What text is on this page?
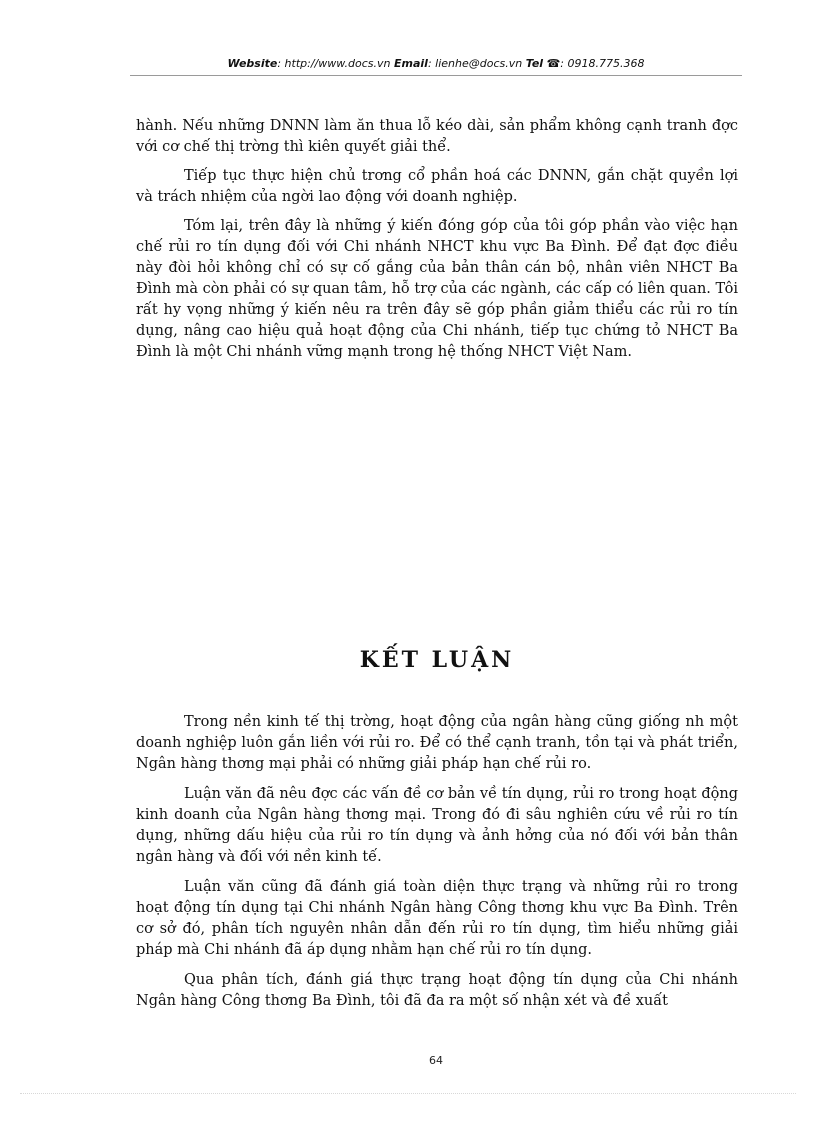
Website: http://www.docs.vn Email: lienhe@docs.vn Tel ☎: 0918.775.368

hành. Nếu những DNNN làm ăn thua lỗ kéo dài, sản phẩm không cạnh tranh đợc với cơ chế thị trờng thì kiên quyết giải thể.

Tiếp tục thực hiện chủ trơng cổ phần hoá các DNNN, gắn chặt quyền lợi và trách nhiệm của ngời lao động với doanh nghiệp.

Tóm lại, trên đây là những ý kiến đóng góp của tôi góp phần vào việc hạn chế rủi ro tín dụng đối với Chi nhánh NHCT khu vực Ba Đình. Để đạt đợc điều này đòi hỏi không chỉ có sự cố gắng của bản thân cán bộ, nhân viên NHCT Ba Đình mà còn phải có sự quan tâm, hỗ trợ của các ngành, các cấp có liên quan. Tôi rất hy vọng những ý kiến nêu ra trên đây sẽ góp phần giảm thiểu các rủi ro tín dụng, nâng cao hiệu quả hoạt động của Chi nhánh, tiếp tục chứng tỏ NHCT Ba Đình là một Chi nhánh vững mạnh trong hệ thống NHCT Việt Nam.

KẾT LUẬN

Trong nền kinh tế thị trờng, hoạt động của ngân hàng cũng giống nh một doanh nghiệp luôn gắn liền với rủi ro. Để có thể cạnh tranh, tồn tại và phát triển, Ngân hàng thơng mại phải có những giải pháp hạn chế rủi ro.

Luận văn đã nêu đợc các vấn đề cơ bản về tín dụng, rủi ro trong hoạt động kinh doanh của Ngân hàng thơng mại. Trong đó đi sâu nghiên cứu về rủi ro tín dụng, những dấu hiệu của rủi ro tín dụng và ảnh hởng của nó đối với bản thân ngân hàng và đối với nền kinh tế.

Luận văn cũng đã đánh giá toàn diện thực trạng và những rủi ro trong hoạt động tín dụng tại Chi nhánh Ngân hàng Công thơng khu vực Ba Đình. Trên cơ sở đó, phân tích nguyên nhân dẫn đến rủi ro tín dụng, tìm hiểu những giải pháp mà Chi nhánh đã áp dụng nhằm hạn chế rủi ro tín dụng.

Qua phân tích, đánh giá thực trạng hoạt động tín dụng của Chi nhánh Ngân hàng Công thơng Ba Đình, tôi đã đa ra một số nhận xét và đề xuất

64
